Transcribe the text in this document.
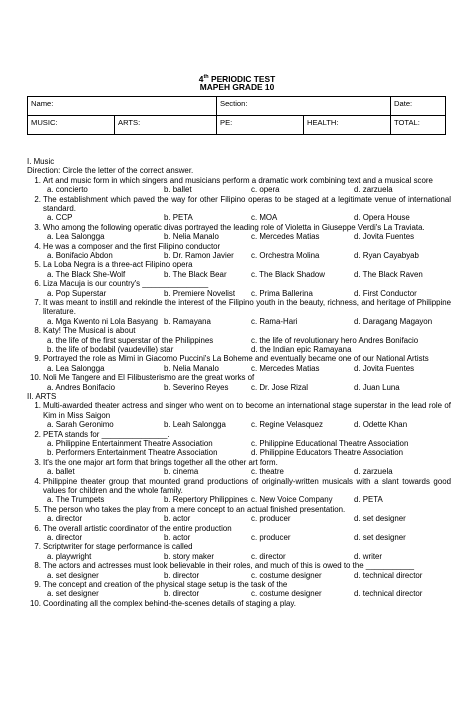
4th PERIODIC TEST
MAPEH GRADE 10
Name:		Section:		Date:
MUSIC:	ARTS:	PE:	HEALTH:	TOTAL:
I. Music
Direction: Circle the letter of the correct answer.
1. Art and music form in which singers and musicians perform a dramatic work combining text and a musical score
a. concierto	b. ballet	c. opera	d. zarzuela
2. The establishment which paved the way for other Filipino operas to be staged at a legitimate venue of international standard.
a. CCP	b. PETA	c. MOA	d. Opera House
3. Who among the following operatic divas portrayed the leading role of Violetta in Giuseppe Verdi's La Traviata.
a. Lea Salongga	b. Nelia Manalo	c. Mercedes Matias	d. Jovita Fuentes
4. He was a composer and the first Filipino conductor
a. Bonifacio Abdon	b. Dr. Ramon Javier c. Orchestra Molina	d. Ryan Cayabyab
5. La Loba Negra is a three-act Filipino opera
a. The Black She-Wolf	b. The Black Bear	c. The Black Shadow	d. The Black Raven
6. Liza Macuja is our country's _______________
a. Pop Superstar	b. Premiere Novelist c. Prima Ballerina	d. First Conductor
7. It was meant to instill and rekindle the interest of the Filipino youth in the beauty, richness, and heritage of Philippine literature.
a. Mga Kwento ni Lola Basyang b. Ramayana	c. Rama-Hari	d. Daragang Magayon
8. Katy! The Musical is about
a. the life of the first superstar of the Philippines	c. the life of revolutionary hero Andres Bonifacio
b. the life of bodabil (vaudeville) star	d. the Indian epic Ramayana
9. Portrayed the role as Mimi in Giacomo Puccini's La Boheme and eventually became one of our National Artists
a. Lea Salongga	b. Nelia Manalo	c. Mercedes Matias	d. Jovita Fuentes
10. Noli Me Tangere and El Filibusterismo are the great works of
a. Andres Bonifacio	b. Severino Reyes	c. Dr. Jose Rizal	d. Juan Luna
II. ARTS
1. Multi-awarded theater actress and singer who went on to become an international stage superstar in the lead role of Kim in Miss Saigon
a. Sarah Geronimo	b. Leah Salongga	c. Regine Velasquez	d. Odette Khan
2. PETA stands for _______________.
a. Philippine Entertainment Theatre Association	c. Philippine Educational Theatre Association
b. Performers Entertainment Theatre Association	d. Philippine Educators Theatre Association
3. It's the one major art form that brings together all the other art form.
a. ballet	b. cinema	c. theatre	d. zarzuela
4. Philippine theater group that mounted grand productions of originally-written musicals with a slant towards good values for children and the whole family.
a. The Trumpets	b. Repertory Philippines c. New Voice Company	d. PETA
5. The person who takes the play from a mere concept to an actual finished presentation.
a. director	b. actor	c. producer	d. set designer
6. The overall artistic coordinator of the entire production
a. director	b. actor	c. producer	d. set designer
7. Scriptwriter for stage performance is called
a. playwright	b. story maker	c. director	d. writer
8. The actors and actresses must look believable in their roles, and much of this is owed to the ___________
a. set designer	b. director	c. costume designer	d. technical director
9. The concept and creation of the physical stage setup is the task of the
a. set designer	b. director	c. costume designer	d. technical director
10. Coordinating all the complex behind-the-scenes details of staging a play.
